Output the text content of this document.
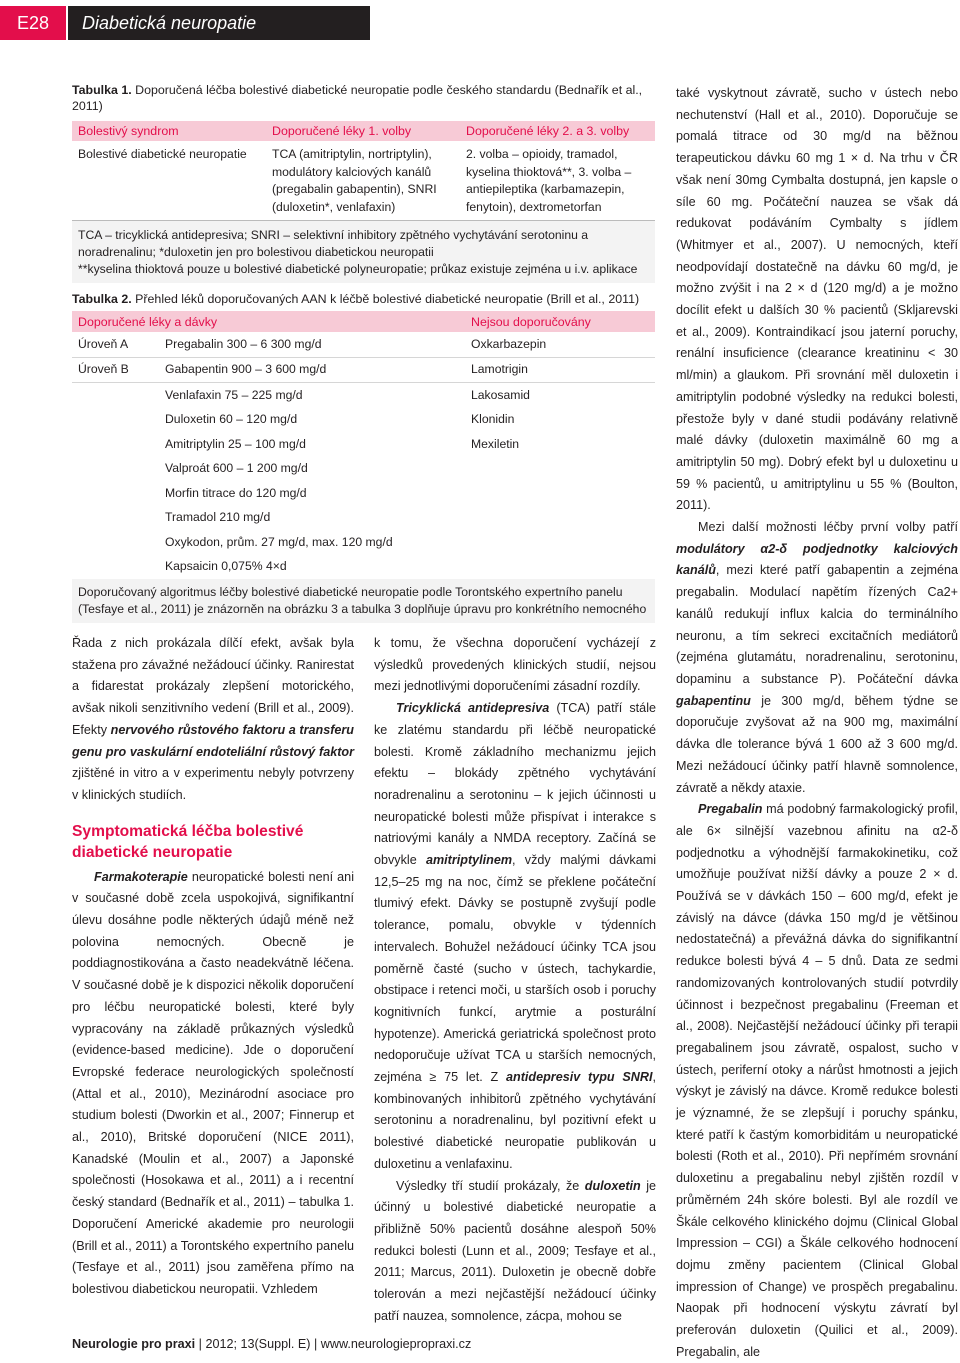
E28	Diabetická neuropatie
Tabulka 1. Doporučená léčba bolestivé diabetické neuropatie podle českého standardu (Bednařík et al., 2011)
Bolestivý syndrom	Doporučené léky 1. volby	Doporučené léky 2. a 3. volby
Bolestivé diabetické neuropatie	TCA (amitriptylin, nortriptylin), modulátory kalciových kanálů (pregabalin gabapentin), SNRI (duloxetin*, venlafaxin)	2. volba – opioidy, tramadol, kyselina thioktová**, 3. volba – antiepileptika (karbamazepin, fenytoin), dextrometorfan

TCA – tricyklická antidepresiva; SNRI – selektivní inhibitory zpětného vychytávání serotoninu a noradrenalinu; *duloxetin jen pro bolestivou diabetickou neuropatii
**kyselina thioktová pouze u bolestivé diabetické polyneuropatie; průkaz existuje zejména u i.v. aplikace		
Tabulka 2. Přehled léků doporučovaných AAN k léčbě bolestivé diabetické neuropatie (Brill et al., 2011)
Doporučené léky a dávky		Nejsou doporučovány
Úroveň A	Pregabalin 300 – 6 300 mg/d	Oxkarbazepin
Úroveň B	Gabapentin 900 – 3 600 mg/d	Lamotrigin
	Venlafaxin 75 – 225 mg/d	Lakosamid
	Duloxetin 60 – 120 mg/d	Klonidin
	Amitriptylin 25 – 100 mg/d	Mexiletin
	Valproát 600 – 1 200 mg/d	
	Morfin titrace do 120 mg/d	
	Tramadol 210 mg/d	
	Oxykodon, prům. 27 mg/d, max. 120 mg/d	
	Kapsaicin 0,075% 4×d	
Doporučovaný algoritmus léčby bolestivé diabetické neuropatie podle Torontského expertního panelu (Tesfaye et al., 2011) je znázorněn na obrázku 3 a tabulka 3 doplňuje úpravu pro konkrétního nemocného		

Řada z nich prokázala dílčí efekt, avšak byla stažena pro závažné nežádoucí účinky. Ranirestat a fidarestat prokázaly zlepšení motorického, avšak nikoli senzitivního vedení (Brill et al., 2009). Efekty nervového růstového faktoru a transferu genu pro vaskulární endoteliální růstový faktor zjištěné in vitro a v experimentu nebyly potvrzeny v klinických studiích.

Symptomatická léčba bolestivé diabetické neuropatie

Farmakoterapie neuropatické bolesti není ani v současné době zcela uspokojivá, signifikantní úlevu dosáhne podle některých údajů méně než polovina nemocných. Obecně je poddiagnostikována a často neadekvátně léčena. V současné době je k dispozici několik doporučení pro léčbu neuropatické bolesti, které byly vypracovány na základě průkazných výsledků (evidence-based medicine). Jde o doporučení Evropské federace neurologických společností (Attal et al., 2010), Mezinárodní asociace pro studium bolesti (Dworkin et al., 2007; Finnerup et al., 2010), Britské doporučení (NICE 2011), Kanadské (Moulin et al., 2007) a Japonské společnosti (Hosokawa et al., 2011) a i recentní český standard (Bednařík et al., 2011) – tabulka 1. Doporučení Americké akademie pro neurologii (Brill et al., 2011) a Torontského expertního panelu (Tesfaye et al., 2011) jsou zaměřena přímo na bolestivou diabetickou neuropatii. Vzhledem

k tomu, že všechna doporučení vycházejí z výsledků provedených klinických studií, nejsou mezi jednotlivými doporučeními zásadní rozdíly.

Tricyklická antidepresiva (TCA) patří stále ke zlatému standardu při léčbě neuropatické bolesti. Kromě základního mechanizmu jejich efektu – blokády zpětného vychytávání noradrenalinu a serotoninu – k jejich účinnosti u neuropatické bolesti může přispívat i interakce s natriovými kanály a NMDA receptory. Začíná se obvykle amitriptylinem, vždy malými dávkami 12,5–25 mg na noc, čímž se překlene počáteční tlumivý efekt. Dávky se postupně zvyšují podle tolerance, pomalu, obvykle v týdenních intervalech. Bohužel nežádoucí účinky TCA jsou poměrně časté (sucho v ústech, tachykardie, obstipace i retenci moči, u starších osob i poruchy kognitivních funkcí, arytmie a posturální hypotenze). Americká geriatrická společnost proto nedoporučuje užívat TCA u starších nemocných, zejména ≥ 75 let. Z antidepresiv typu SNRI, kombinovaných inhibitorů zpětného vychytávání serotoninu a noradrenalinu, byl pozitivní efekt u bolestivé diabetické neuropatie publikován u duloxetinu a venlafaxinu.

Výsledky tří studií prokázaly, že duloxetin je účinný u bolestivé diabetické neuropatie a přibližně 50% pacientů dosáhne alespoň 50% redukci bolesti (Lunn et al., 2009; Tesfaye et al., 2011; Marcus, 2011). Duloxetin je obecně dobře tolerován a mezi nejčastější nežádoucí účinky patří nauzea, somnolence, zácpa, mohou se

také vyskytnout závratě, sucho v ústech nebo nechutenství (Hall et al., 2010). Doporučuje se pomalá titrace od 30 mg/d na běžnou terapeutickou dávku 60 mg 1 × d. Na trhu v ČR však není 30mg Cymbalta dostupná, jen kapsle o síle 60 mg. Počáteční nauzea se však dá redukovat podáváním Cymbalty s jídlem (Whitmyer et al., 2007). U nemocných, kteří neodpovídají dostatečně na dávku 60 mg/d, je možno zvýšit i na 2 × d (120 mg/d) a je možno docílit efekt u dalších 30 % pacientů (Skljarevski et al., 2009). Kontraindikací jsou jaterní poruchy, renální insuficience (clearance kreatininu < 30 ml/min) a glaukom. Při srovnání měl duloxetin i amitriptylin podobné výsledky na redukci bolesti, přestože byly v dané studii podávány relativně malé dávky (duloxetin maximálně 60 mg a amitriptylin 50 mg). Dobrý efekt byl u duloxetinu u 59 % pacientů, u amitriptylinu u 55 % (Boulton, 2011).

Mezi další možnosti léčby první volby patří modulátory α2-δ podjednotky kalciových kanálů, mezi které patří gabapentin a zejména pregabalin. Modulací napětím řízených Ca2+ kanálů redukují influx kalcia do terminálního neuronu, a tím sekreci excitačních mediátorů (zejména glutamátu, noradrenalinu, serotoninu, dopaminu a substance P). Počáteční dávka gabapentinu je 300 mg/d, během týdne se doporučuje zvyšovat až na 900 mg, maximální dávka dle tolerance bývá 1 600 až 3 600 mg/d. Mezi nežádoucí účinky patří hlavně somnolence, závratě a někdy ataxie.

Pregabalin má podobný farmakologický profil, ale 6× silnější vazebnou afinitu na α2-δ podjednotku a výhodnější farmakokinetiku, což umožňuje používat nižší dávky a pouze 2 × d. Používá se v dávkách 150 – 600 mg/d, efekt je závislý na dávce (dávka 150 mg/d je většinou nedostatečná) a převážná dávka do signifikantní redukce bolesti bývá 4 – 5 dnů. Data ze sedmi randomizovaných kontrolovaných studií potvrdily účinnost i bezpečnost pregabalinu (Freeman et al., 2008). Nejčastější nežádoucí účinky při terapii pregabalinem jsou závratě, ospalost, sucho v ústech, periferní otoky a nárůst hmotnosti a jejich výskyt je závislý na dávce. Kromě redukce bolesti je významné, že se zlepšují i poruchy spánku, které patří k častým komorbiditám u neuropatické bolesti (Roth et al., 2010). Při nepřímém srovnání duloxetinu a pregabalinu nebyl zjištěn rozdíl v průměrném 24h skóre bolesti. Byl ale rozdíl ve Škále celkového klinického dojmu (Clinical Global Impression – CGI) a Škále celkového hodnocení dojmu změny pacientem (Clinical Global impression of Change) ve prospěch pregabalinu. Naopak při hodnocení výskytu závratí byl preferován duloxetin (Quilici et al., 2009). Pregabalin, ale

Neurologie pro praxi | 2012; 13(Suppl. E) | www.neurologiepropraxi.cz
